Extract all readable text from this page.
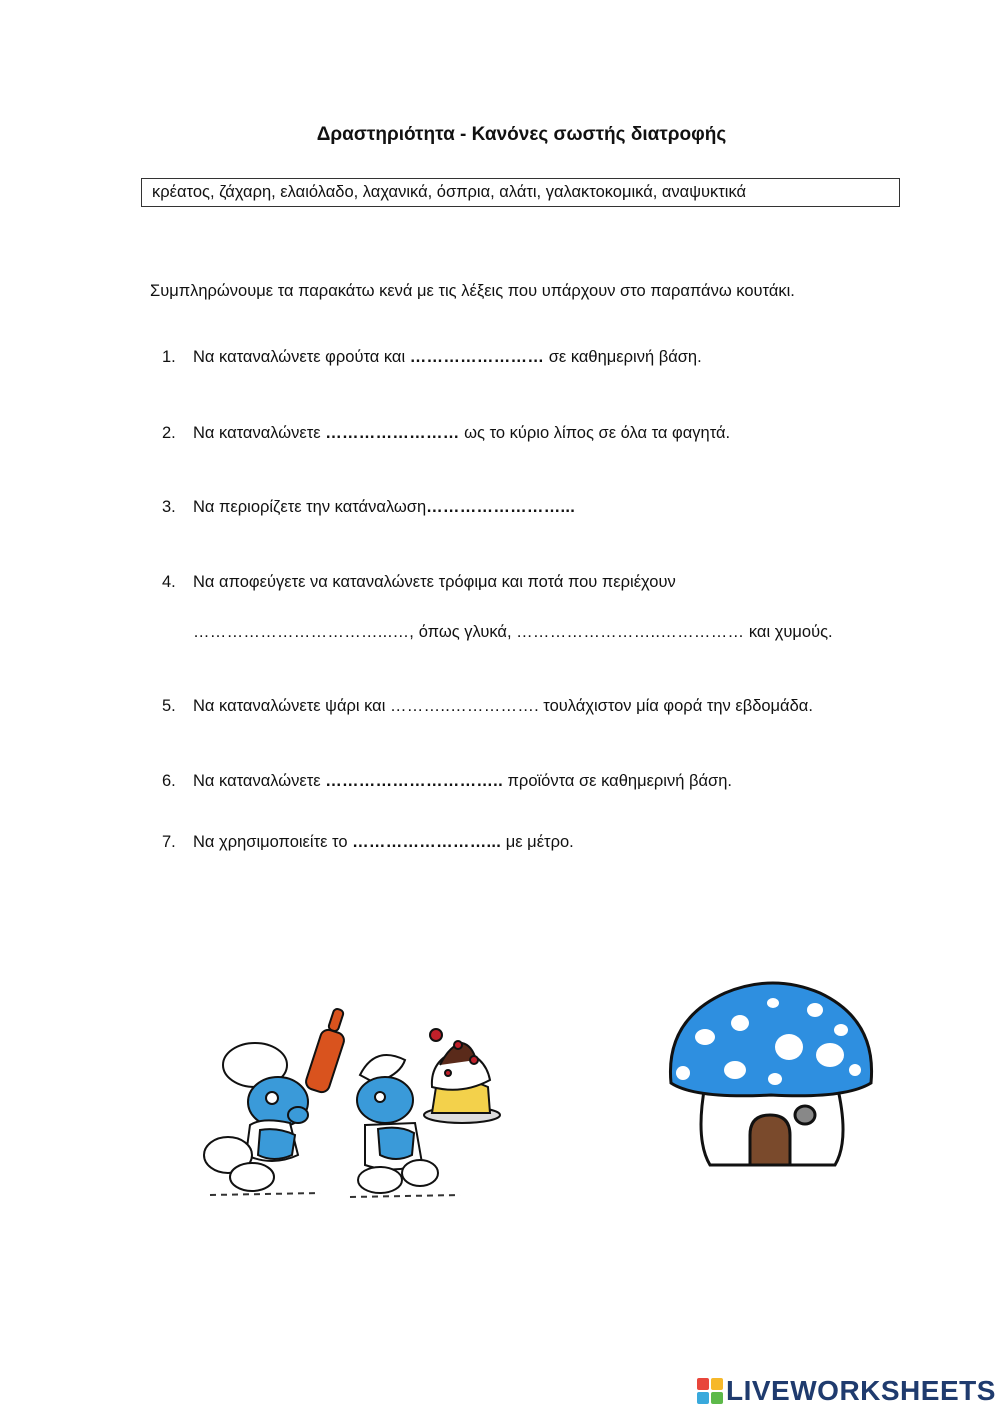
Δραστηριότητα - Κανόνες σωστής διατροφής
κρέατος, ζάχαρη, ελαιόλαδο, λαχανικά, όσπρια, αλάτι, γαλακτοκομικά, αναψυκτικά
Συμπληρώνουμε τα παρακάτω κενά με τις λέξεις που υπάρχουν στο παραπάνω κουτάκι.
1. Να καταναλώνετε φρούτα και …………………… σε καθημερινή βάση.
2. Να καταναλώνετε …………………… ως το κύριο λίπος σε όλα τα φαγητά.
3. Να περιορίζετε την κατάναλωση……………………...
4. Να αποφεύγετε να καταναλώνετε τρόφιμα και ποτά που περιέχουν
……………………………...…, όπως γλυκά, ……………………..…………… και χυμούς.
5. Να καταναλώνετε ψάρι και ………..……………. τουλάχιστον μία φορά την εβδομάδα.
6. Να καταναλώνετε ………………………….. προϊόντα σε καθημερινή βάση.
7. Να χρησιμοποιείτε το ……………………... με μέτρο.
LIVEWORKSHEETS
